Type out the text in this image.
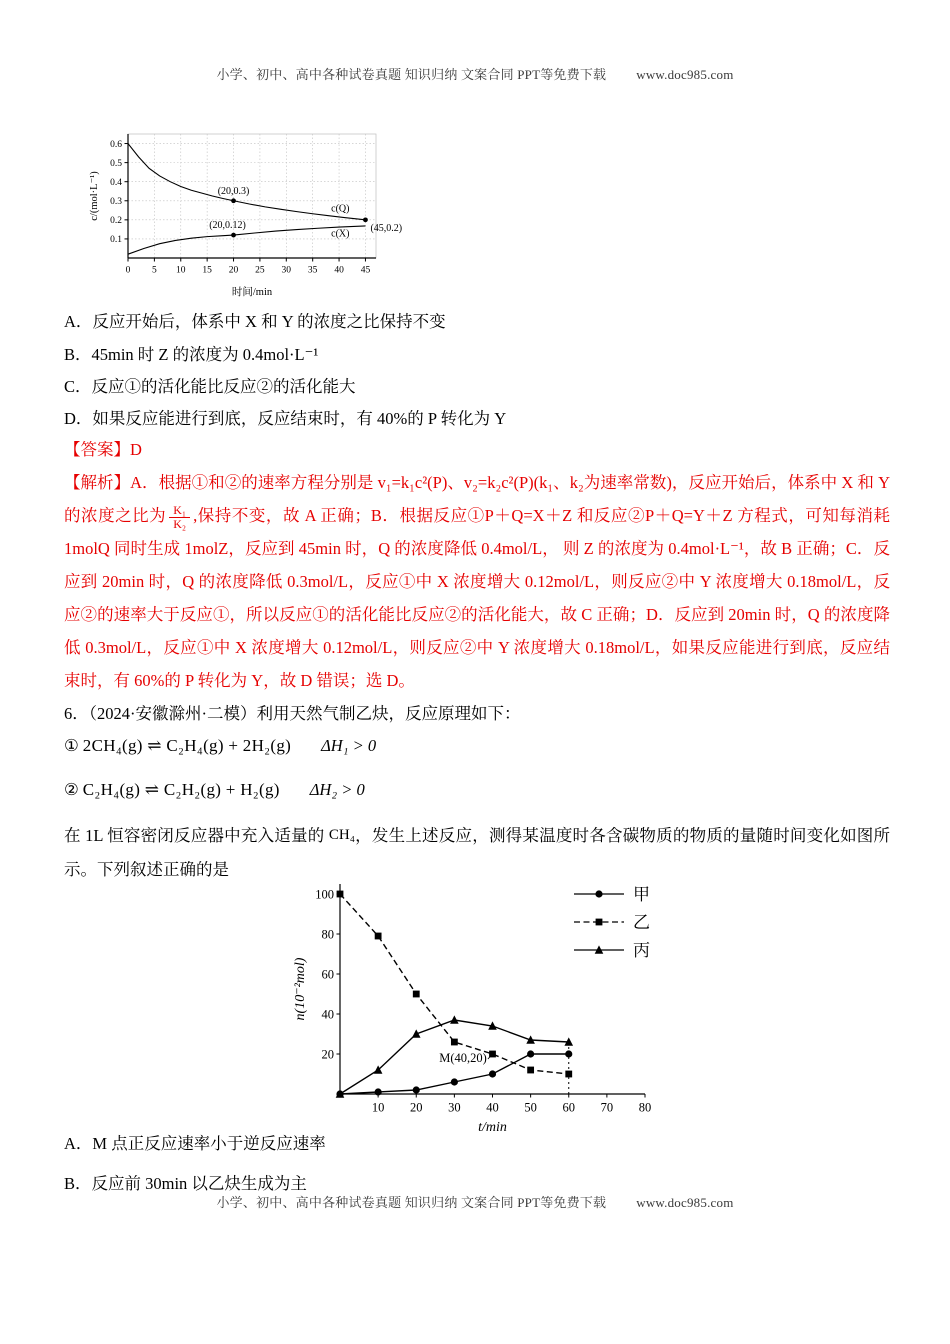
小学、初中、高中各种试卷真题 知识归纳 文案合同 PPT等免费下载 www.doc985.com
0 5 10 15 20 25 30 35 40 45
0.1
0.2
0.3
0.4
0.5
0.6
(20,0.3)
(20,0.12)	(45,0.2)
c(Q)
c(X)
时间/min
c/(mol·L⁻¹)
A．反应开始后，体系中 X 和 Y 的浓度之比保持不变
B．45min 时 Z 的浓度为 0.4mol·L⁻¹
C．反应①的活化能比反应②的活化能大
D．如果反应能进行到底，反应结束时，有 40%的 P 转化为 Y
【答案】D
【解析】A．根据①和②的速率方程分别是 v₁=k₁c²(P)、v₂=k₂c²(P)(k₁、k₂为速率常数)，反应开始后，体系中 X 和 Y 的浓度之比为 $\frac{\text{K₁}}{\text{K₂}}$ ,保持不变，故 A 正确；B．根据反应①P＋Q=X＋Z 和反应②P＋Q=Y＋Z 方程式，可知每消耗 1molQ 同时生成 1molZ，反应到 45min 时，Q 的浓度降低 0.4mol/L， 则 Z 的浓度为 0.4mol·L⁻¹，故 B 正确；C．反应到 20min 时，Q 的浓度降低 0.3mol/L，反应①中 X 浓度增大 0.12mol/L，则反应②中 Y 浓度增大 0.18mol/L，反应②的速率大于反应①，所以反应①的活化能比反应②的活化能大，故 C 正确；D．反应到 20min 时，Q 的浓度降低 0.3mol/L，反应①中 X 浓度增大 0.12mol/L，则反应②中 Y 浓度增大 0.18mol/L，如果反应能进行到底，反应结束时，有 60%的 P 转化为 Y，故 D 错误；选 D。
6．（2024·安徽滁州·二模）利用天然气制乙炔，反应原理如下：
① 2CH₄(g) ⇌ C₂H₄(g) + 2H₂(g) ΔH₁ > 0
② C₂H₄(g) ⇌ C₂H₂(g) + H₂(g) ΔH₂ > 0
在 1L 恒容密闭反应器中充入适量的 CH₄，发生上述反应，测得某温度时各含碳物质的物质的量随时间变化如图所示。下列叙述正确的是
10 20 30 40 50 60 70 80
20
40
60
80
100
M(40,20)
甲
乙
丙
t/min
n(10⁻²mol)
A．M 点正反应速率小于逆反应速率
B．反应前 30min 以乙炔生成为主
小学、初中、高中各种试卷真题 知识归纳 文案合同 PPT等免费下载 www.doc985.com
